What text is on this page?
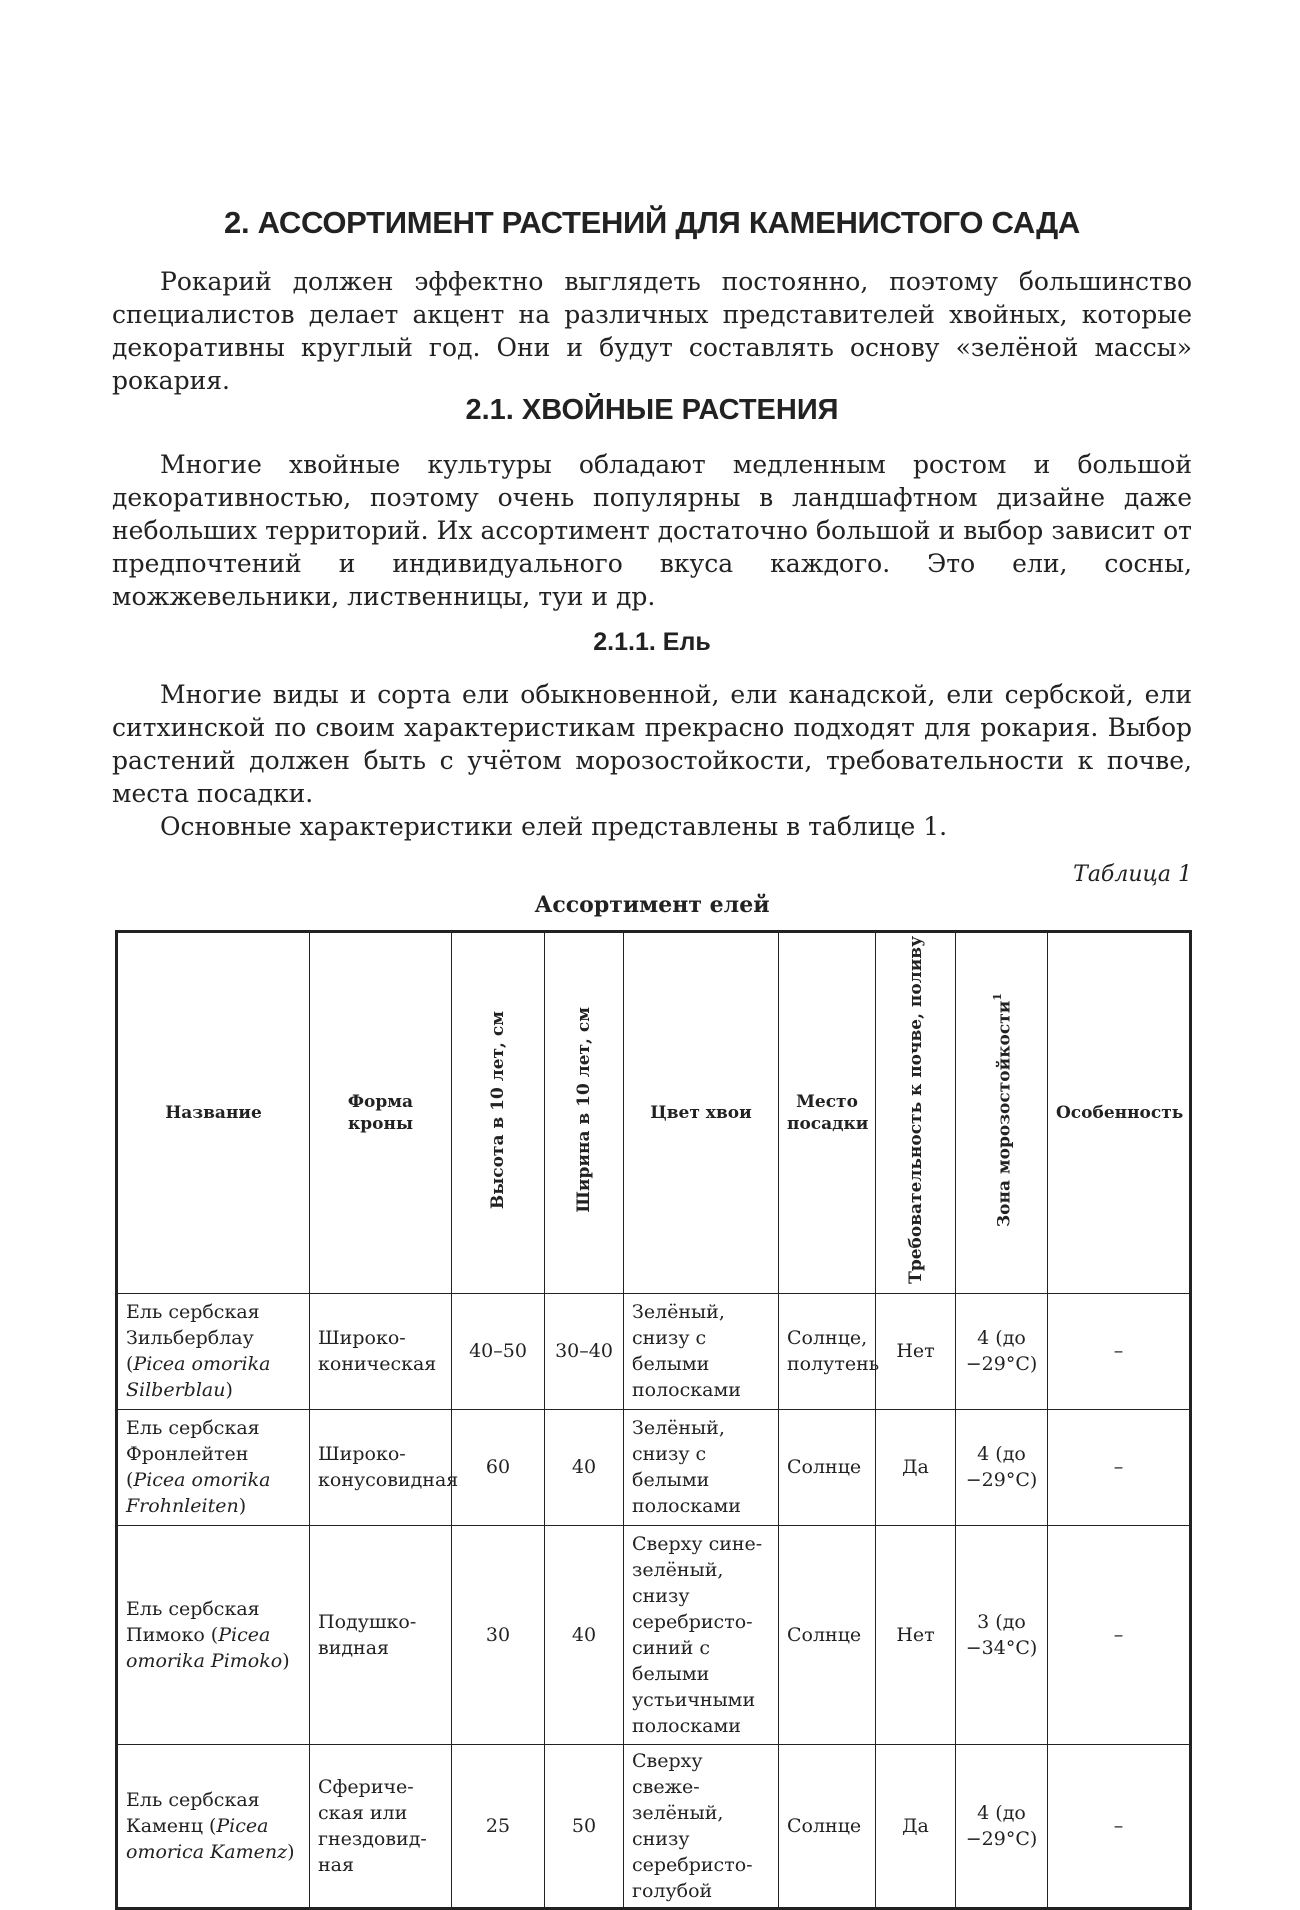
2. АССОРТИМЕНТ РАСТЕНИЙ ДЛЯ КАМЕНИСТОГО САДА

Рокарий должен эффектно выглядеть постоянно, поэтому большинство специалистов делает акцент на различных представителей хвойных, которые декоративны круглый год. Они и будут составлять основу «зелёной массы» рокария.

2.1. ХВОЙНЫЕ РАСТЕНИЯ

Многие хвойные культуры обладают медленным ростом и большой декоративностью, поэтому очень популярны в ландшафтном дизайне даже небольших территорий. Их ассортимент достаточно большой и выбор зависит от предпочтений и индивидуального вкуса каждого. Это ели, сосны, можжевельники, лиственницы, туи и др.

2.1.1. Ель

Многие виды и сорта ели обыкновенной, ели канадской, ели сербской, ели ситхинской по своим характеристикам прекрасно подходят для рокария. Выбор растений должен быть с учётом морозостойкости, требовательности к почве, места посадки.

Основные характеристики елей представлены в таблице 1.

Таблица 1
Ассортимент елей
Название	Форма кроны	Высота в 10 лет, см	Ширина в 10 лет, см	Цвет хвои	Место посадки	Требовательность к почве, поливу	Зона морозостойкости$^1$	Особенность
Ель сербская Зильберблау (Picea omorika Silberblau)	Широко-коническая	40–50	30–40	Зелёный, снизу с белыми полосками	Солнце, полутень	Нет	4 (до −29°С)	–
Ель сербская Фронлейтен (Picea omorika Frohnleiten)	Широко-конусовидная	60	40	Зелёный, снизу с белыми полосками	Солнце	Да	4 (до −29°С)	–
Ель сербская Пимоко (Picea omorika Pimoko)	Подушко-видная	30	40	Сверху сине-зелёный, снизу серебристо-синий с белыми устьичными полосками	Солнце	Нет	3 (до −34°С)	–
Ель сербская Каменц (Picea omorica Kamenz)	Сфериче-ская или гнездовид-ная	25	50	Сверху свеже-зелёный, снизу серебристо-голубой	Солнце	Да	4 (до −29°С)	–
